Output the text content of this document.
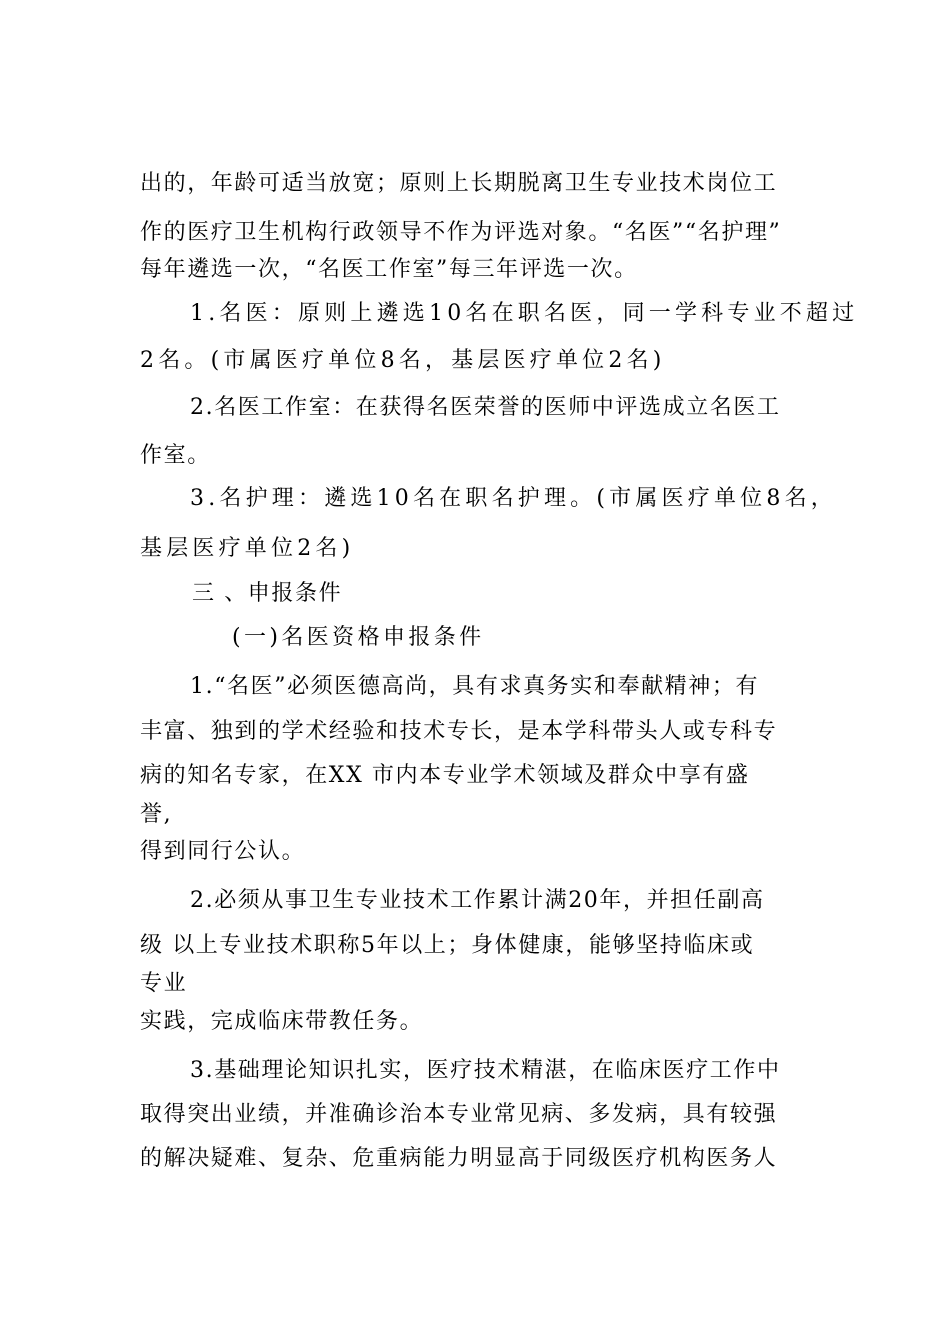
出的，年龄可适当放宽；原则上长期脱离卫生专业技术岗位工
作的医疗卫生机构行政领导不作为评选对象。“名医”“名护理”
每年遴选一次，“名医工作室”每三年评选一次。
1.名医：原则上遴选10名在职名医，同一学科专业不超过
2名。(市属医疗单位8名，基层医疗单位2名)
2.名医工作室：在获得名医荣誉的医师中评选成立名医工
作室。
3.名护理：遴选10名在职名护理。(市属医疗单位8名，
基层医疗单位2名)
三 、申报条件
(一)名医资格申报条件
1.“名医”必须医德高尚，具有求真务实和奉献精神；有
丰富、独到的学术经验和技术专长，是本学科带头人或专科专
病的知名专家，在XX 市内本专业学术领域及群众中享有盛
誉,
得到同行公认。
2.必须从事卫生专业技术工作累计满20年，并担任副高
级 以上专业技术职称5年以上；身体健康，能够坚持临床或
专业
实践，完成临床带教任务。
3.基础理论知识扎实，医疗技术精湛，在临床医疗工作中
取得突出业绩，并准确诊治本专业常见病、多发病，具有较强
的解决疑难、复杂、危重病能力明显高于同级医疗机构医务人
